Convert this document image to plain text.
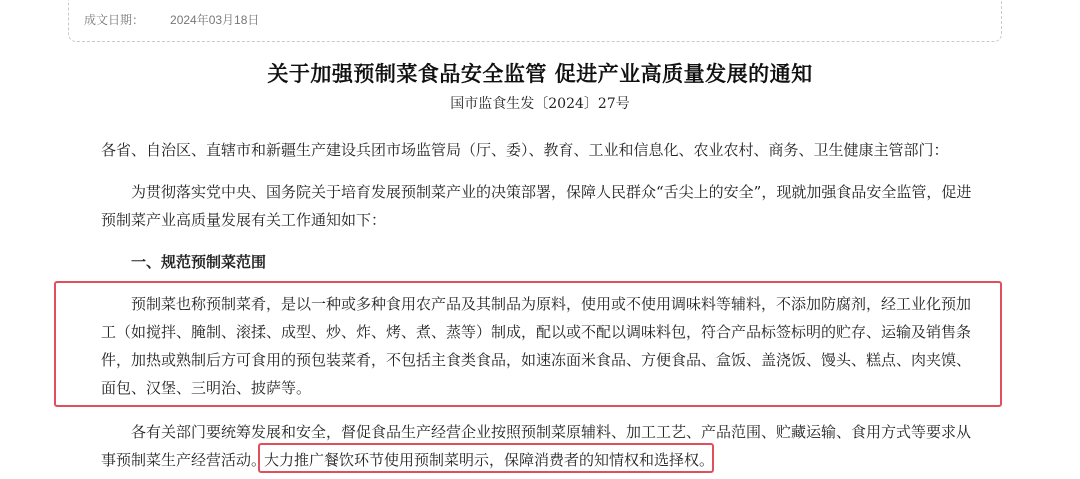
成文日期： 2024年03月18日
关于加强预制菜食品安全监管 促进产业高质量发展的通知
国市监食生发〔2024〕27号
各省、自治区、直辖市和新疆生产建设兵团市场监管局（厅、委）、教育、工业和信息化、农业农村、商务、卫生健康主管部门：
为贯彻落实党中央、国务院关于培育发展预制菜产业的决策部署，保障人民群众“舌尖上的安全”，现就加强食品安全监管，促进
预制菜产业高质量发展有关工作通知如下：
一、规范预制菜范围
预制菜也称预制菜肴，是以一种或多种食用农产品及其制品为原料，使用或不使用调味料等辅料，不添加防腐剂，经工业化预加
工（如搅拌、腌制、滚揉、成型、炒、炸、烤、煮、蒸等）制成，配以或不配以调味料包，符合产品标签标明的贮存、运输及销售条
件，加热或熟制后方可食用的预包装菜肴，不包括主食类食品，如速冻面米食品、方便食品、盒饭、盖浇饭、馒头、糕点、肉夹馍、
面包、汉堡、三明治、披萨等。
各有关部门要统筹发展和安全，督促食品生产经营企业按照预制菜原辅料、加工工艺、产品范围、贮藏运输、食用方式等要求从
事预制菜生产经营活动。
大力推广餐饮环节使用预制菜明示，保障消费者的知情权和选择权。
